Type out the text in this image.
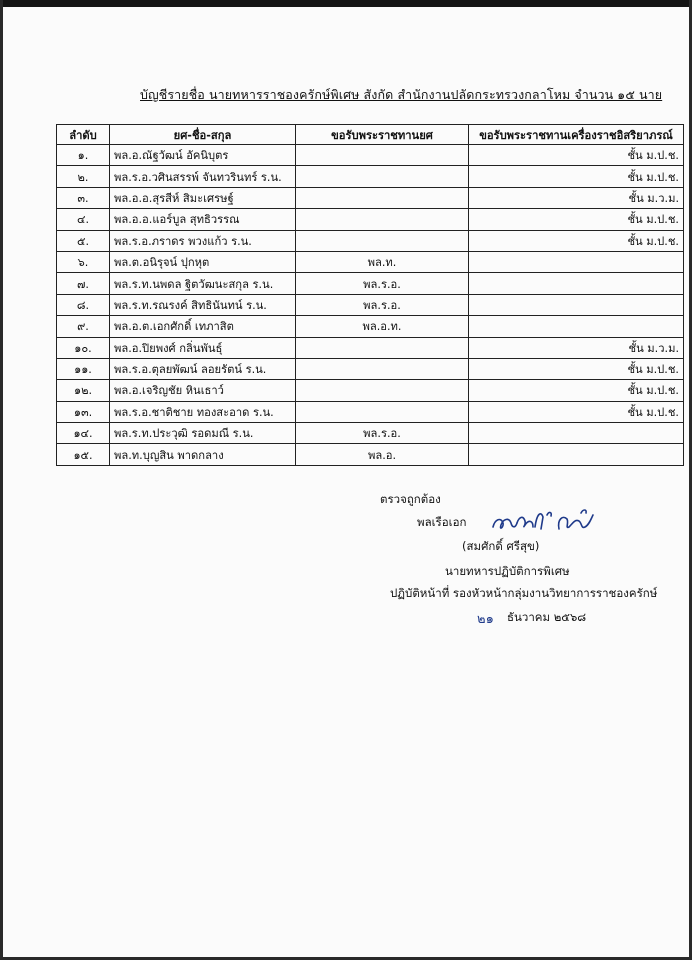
บัญชีรายชื่อ นายทหารราชองครักษ์พิเศษ สังกัด สำนักงานปลัดกระทรวงกลาโหม จำนวน ๑๕ นาย
ลำดับ	ยศ-ชื่อ-สกุล	ขอรับพระราชทานยศ	ขอรับพระราชทานเครื่องราชอิสริยาภรณ์
๑.	พล.อ.ณัฐวัฒน์ อัคนิบุตร		ชั้น ม.ป.ช.
๒.	พล.ร.อ.วศินสรรพ์ จันทวรินทร์ ร.น.		ชั้น ม.ป.ช.
๓.	พล.อ.อ.สุรสีห์ สิมะเศรษฐ์		ชั้น ม.ว.ม.
๔.	พล.อ.อ.แอร์บูล สุทธิวรรณ		ชั้น ม.ป.ช.
๕.	พล.ร.อ.ภราดร พวงแก้ว ร.น.		ชั้น ม.ป.ช.
๖.	พล.ต.อนิรุจน์ ปุกหุต	พล.ท.	
๗.	พล.ร.ท.นพดล ฐิตวัฒนะสกุล ร.น.	พล.ร.อ.	
๘.	พล.ร.ท.รณรงค์ สิทธินันทน์ ร.น.	พล.ร.อ.	
๙.	พล.อ.ต.เอกศักดิ์ เทภาสิต	พล.อ.ท.	
๑๐.	พล.อ.ปิยพงศ์ กลิ่นพันธุ์		ชั้น ม.ว.ม.
๑๑.	พล.ร.อ.ตุลยพัฒน์ ลอยรัตน์ ร.น.		ชั้น ม.ป.ช.
๑๒.	พล.อ.เจริญชัย หินเธาว์		ชั้น ม.ป.ช.
๑๓.	พล.ร.อ.ชาติชาย ทองสะอาด ร.น.		ชั้น ม.ป.ช.
๑๔.	พล.ร.ท.ประวุฒิ รอดมณี ร.น.	พล.ร.อ.	
๑๕.	พล.ท.บุญสิน พาดกลาง	พล.อ.	
ตรวจถูกต้อง
พลเรือเอก
(สมศักดิ์ ศรีสุข)
นายทหารปฏิบัติการพิเศษ
ปฏิบัติหน้าที่ รองหัวหน้ากลุ่มงานวิทยาการราชองครักษ์
๒๑ ธันวาคม ๒๕๖๘
